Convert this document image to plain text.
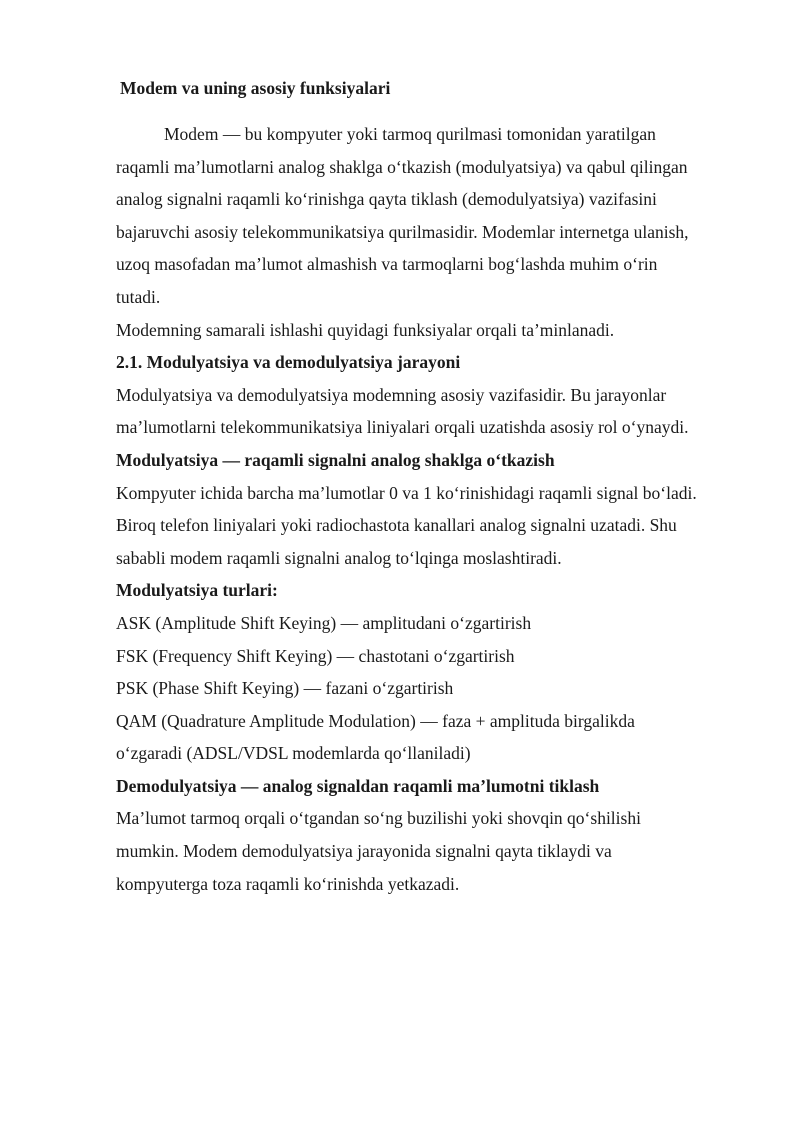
Modem va uning asosiy funksiyalari

Modem — bu kompyuter yoki tarmoq qurilmasi tomonidan yaratilgan

raqamli ma’lumotlarni analog shaklga o‘tkazish (modulyatsiya) va qabul qilingan

analog signalni raqamli ko‘rinishga qayta tiklash (demodulyatsiya) vazifasini

bajaruvchi asosiy telekommunikatsiya qurilmasidir. Modemlar internetga ulanish,

uzoq masofadan ma’lumot almashish va tarmoqlarni bog‘lashda muhim o‘rin

tutadi.

Modemning samarali ishlashi quyidagi funksiyalar orqali ta’minlanadi.

2.1. Modulyatsiya va demodulyatsiya jarayoni

Modulyatsiya va demodulyatsiya modemning asosiy vazifasidir. Bu jarayonlar

ma’lumotlarni telekommunikatsiya liniyalari orqali uzatishda asosiy rol o‘ynaydi.

Modulyatsiya — raqamli signalni analog shaklga o‘tkazish

Kompyuter ichida barcha ma’lumotlar 0 va 1 ko‘rinishidagi raqamli signal bo‘ladi.

Biroq telefon liniyalari yoki radiochastota kanallari analog signalni uzatadi. Shu

sababli modem raqamli signalni analog to‘lqinga moslashtiradi.

Modulyatsiya turlari:

ASK (Amplitude Shift Keying) — amplitudani o‘zgartirish

FSK (Frequency Shift Keying) — chastotani o‘zgartirish

PSK (Phase Shift Keying) — fazani o‘zgartirish

QAM (Quadrature Amplitude Modulation) — faza + amplituda birgalikda

o‘zgaradi (ADSL/VDSL modemlarda qo‘llaniladi)

Demodulyatsiya — analog signaldan raqamli ma’lumotni tiklash

Ma’lumot tarmoq orqali o‘tgandan so‘ng buzilishi yoki shovqin qo‘shilishi

mumkin. Modem demodulyatsiya jarayonida signalni qayta tiklaydi va

kompyuterga toza raqamli ko‘rinishda yetkazadi.
